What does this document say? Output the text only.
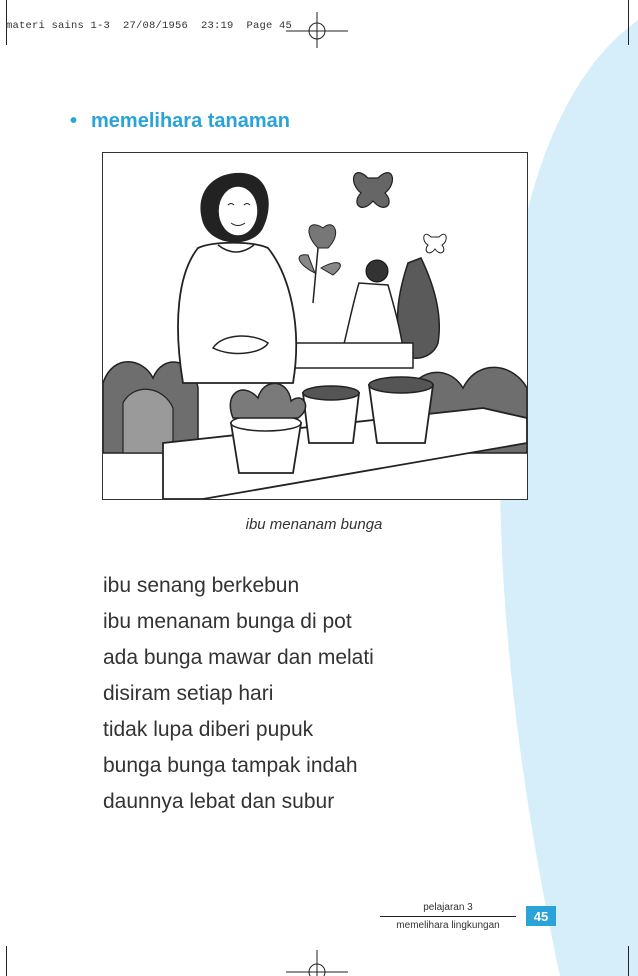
materi sains 1-3  27/08/1956  23:19  Page 45
• memelihara tanaman
ibu menanam bunga
ibu senang berkebun
ibu menanam bunga di pot
ada bunga mawar dan melati
disiram setiap hari
tidak lupa diberi pupuk
bunga bunga tampak indah
daunnya lebat dan subur
pelajaran 3
memelihara lingkungan
45
